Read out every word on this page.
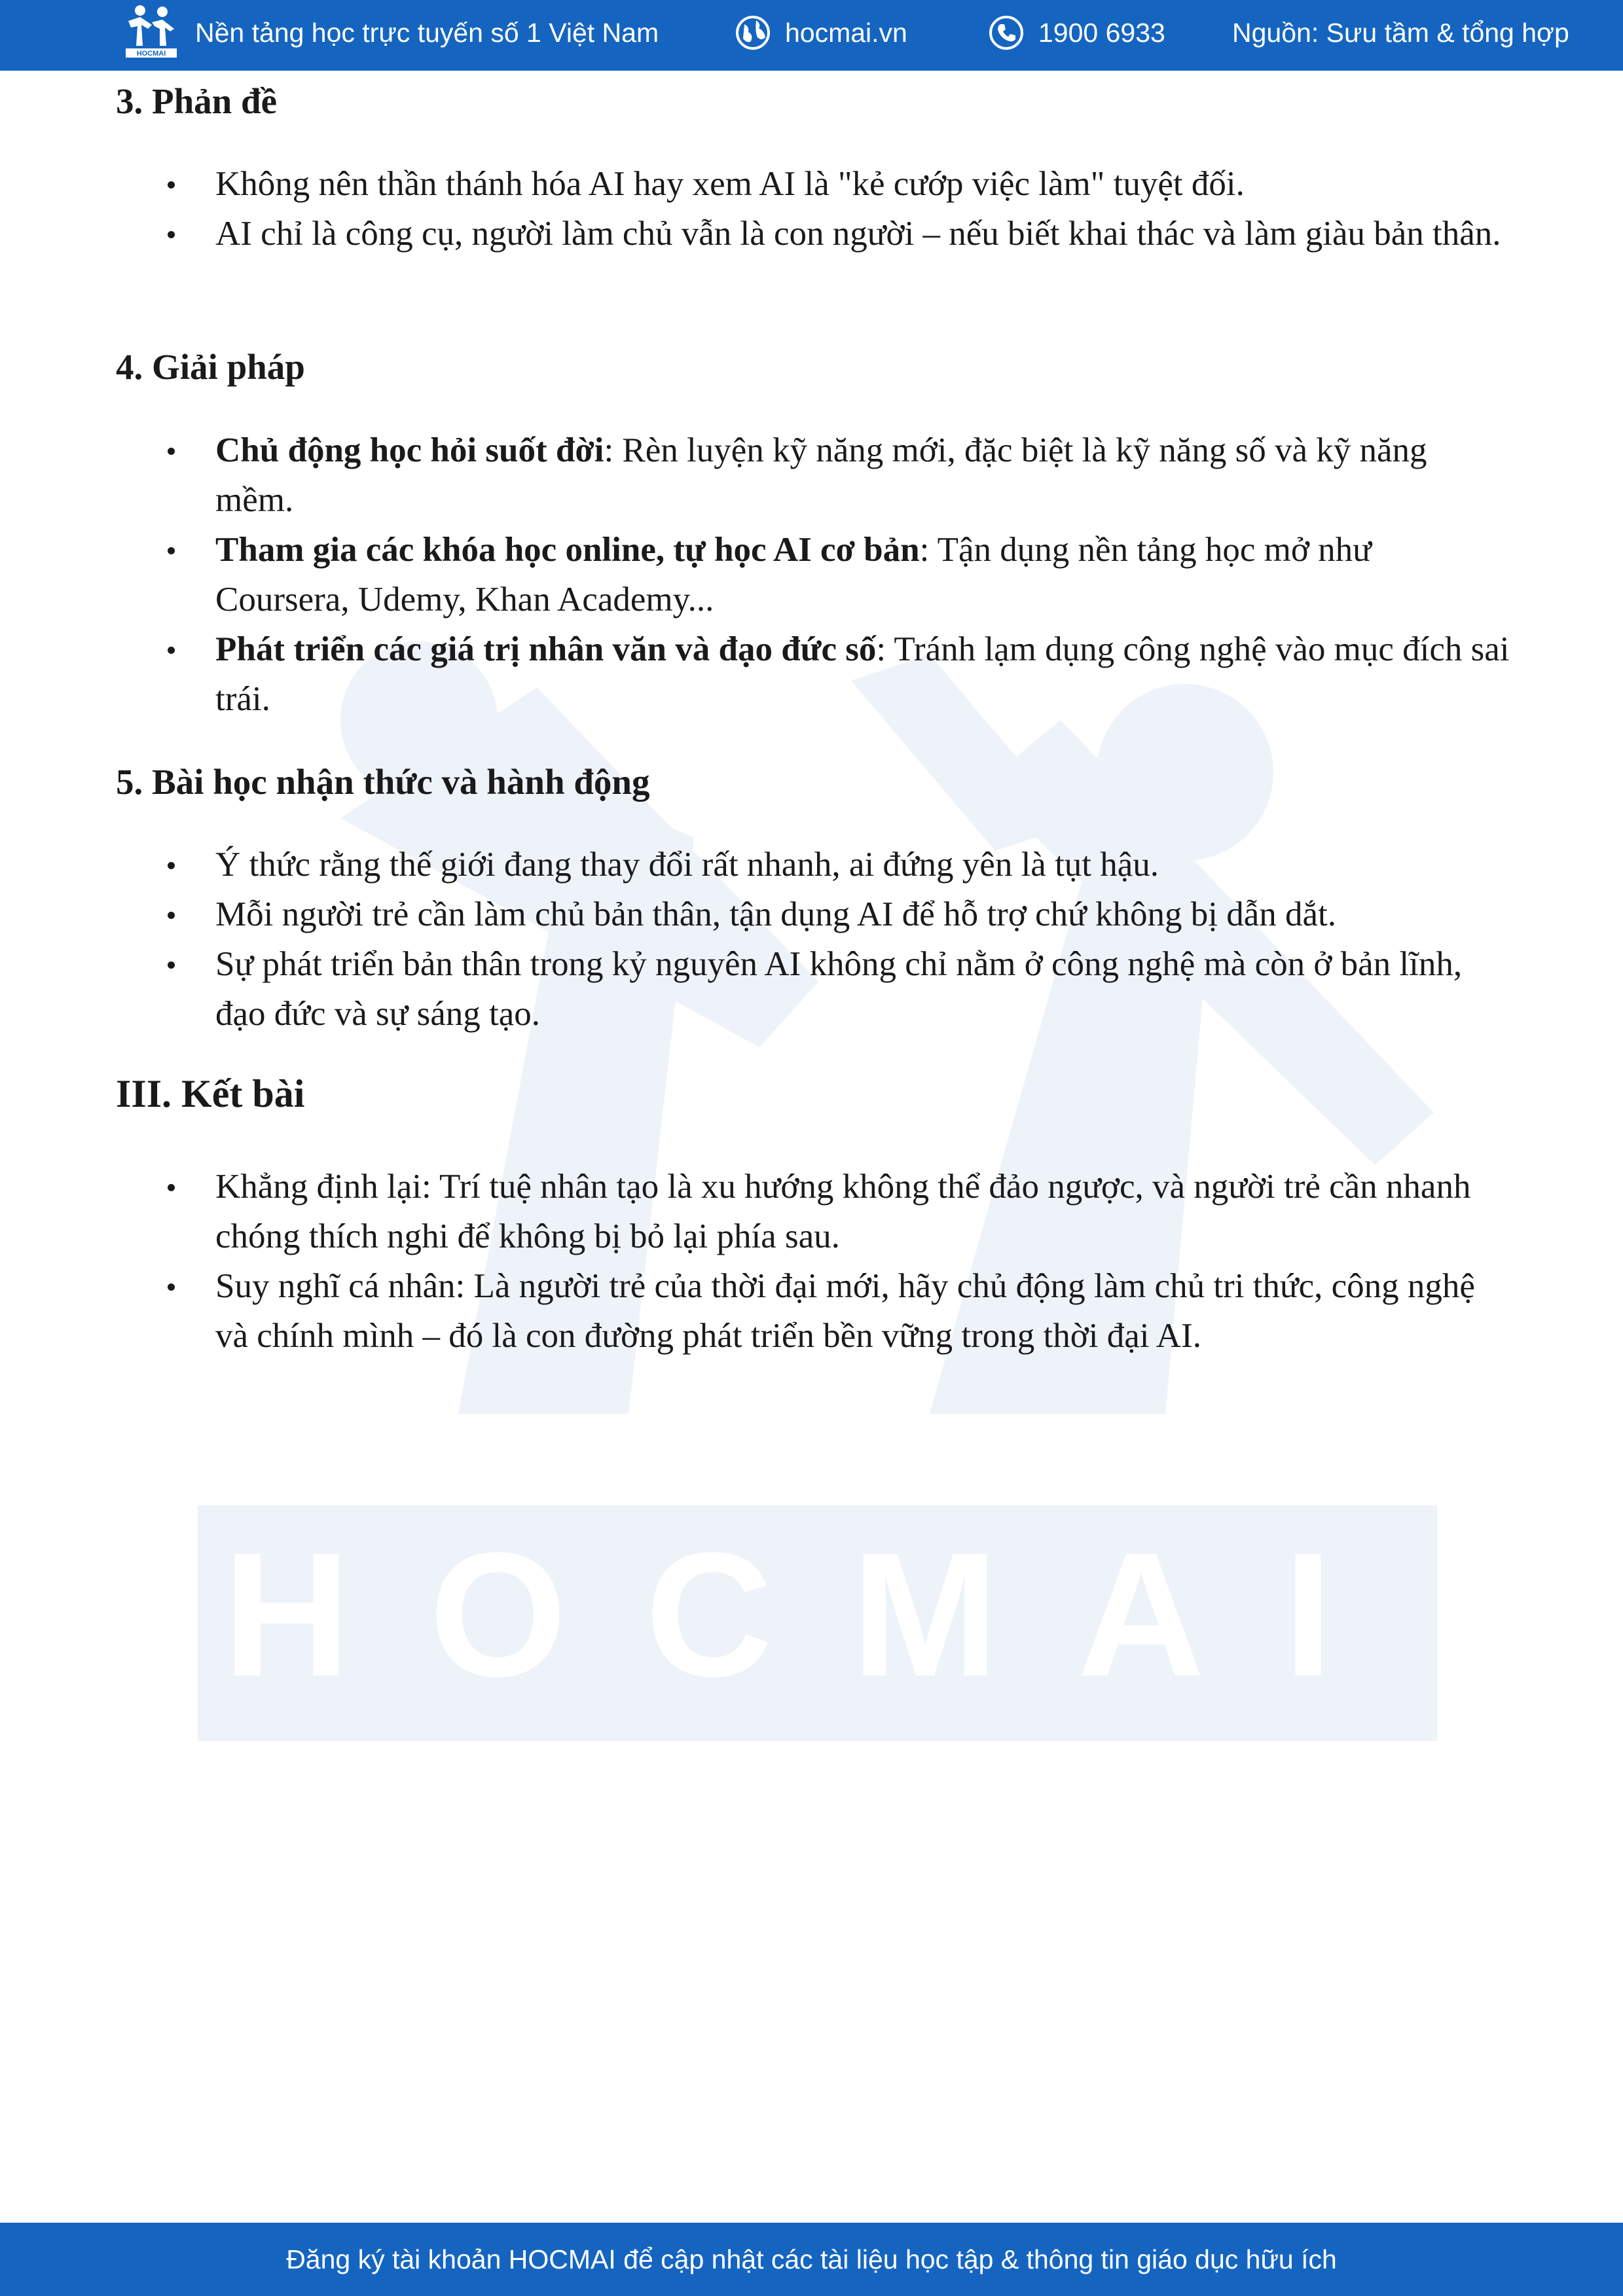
HOCMAI
HOCMAI
Nền tảng học trực tuyến số 1 Việt Nam	hocmai.vn	1900 6933 Nguồn: Sưu tầm & tổng hợp
3. Phản đề
Không nên thần thánh hóa AI hay xem AI là "kẻ cướp việc làm" tuyệt đối.
AI chỉ là công cụ, người làm chủ vẫn là con người – nếu biết khai thác và làm giàu bản thân.
4. Giải pháp
Chủ động học hỏi suốt đời: Rèn luyện kỹ năng mới, đặc biệt là kỹ năng số và kỹ năng mềm.
Tham gia các khóa học online, tự học AI cơ bản: Tận dụng nền tảng học mở như Coursera, Udemy, Khan Academy...
Phát triển các giá trị nhân văn và đạo đức số: Tránh lạm dụng công nghệ vào mục đích sai trái.
5. Bài học nhận thức và hành động
Ý thức rằng thế giới đang thay đổi rất nhanh, ai đứng yên là tụt hậu.
Mỗi người trẻ cần làm chủ bản thân, tận dụng AI để hỗ trợ chứ không bị dẫn dắt.
Sự phát triển bản thân trong kỷ nguyên AI không chỉ nằm ở công nghệ mà còn ở bản lĩnh, đạo đức và sự sáng tạo.
III. Kết bài
Khẳng định lại: Trí tuệ nhân tạo là xu hướng không thể đảo ngược, và người trẻ cần nhanh chóng thích nghi để không bị bỏ lại phía sau.
Suy nghĩ cá nhân: Là người trẻ của thời đại mới, hãy chủ động làm chủ tri thức, công nghệ và chính mình – đó là con đường phát triển bền vững trong thời đại AI.
Đăng ký tài khoản HOCMAI để cập nhật các tài liệu học tập & thông tin giáo dục hữu ích
